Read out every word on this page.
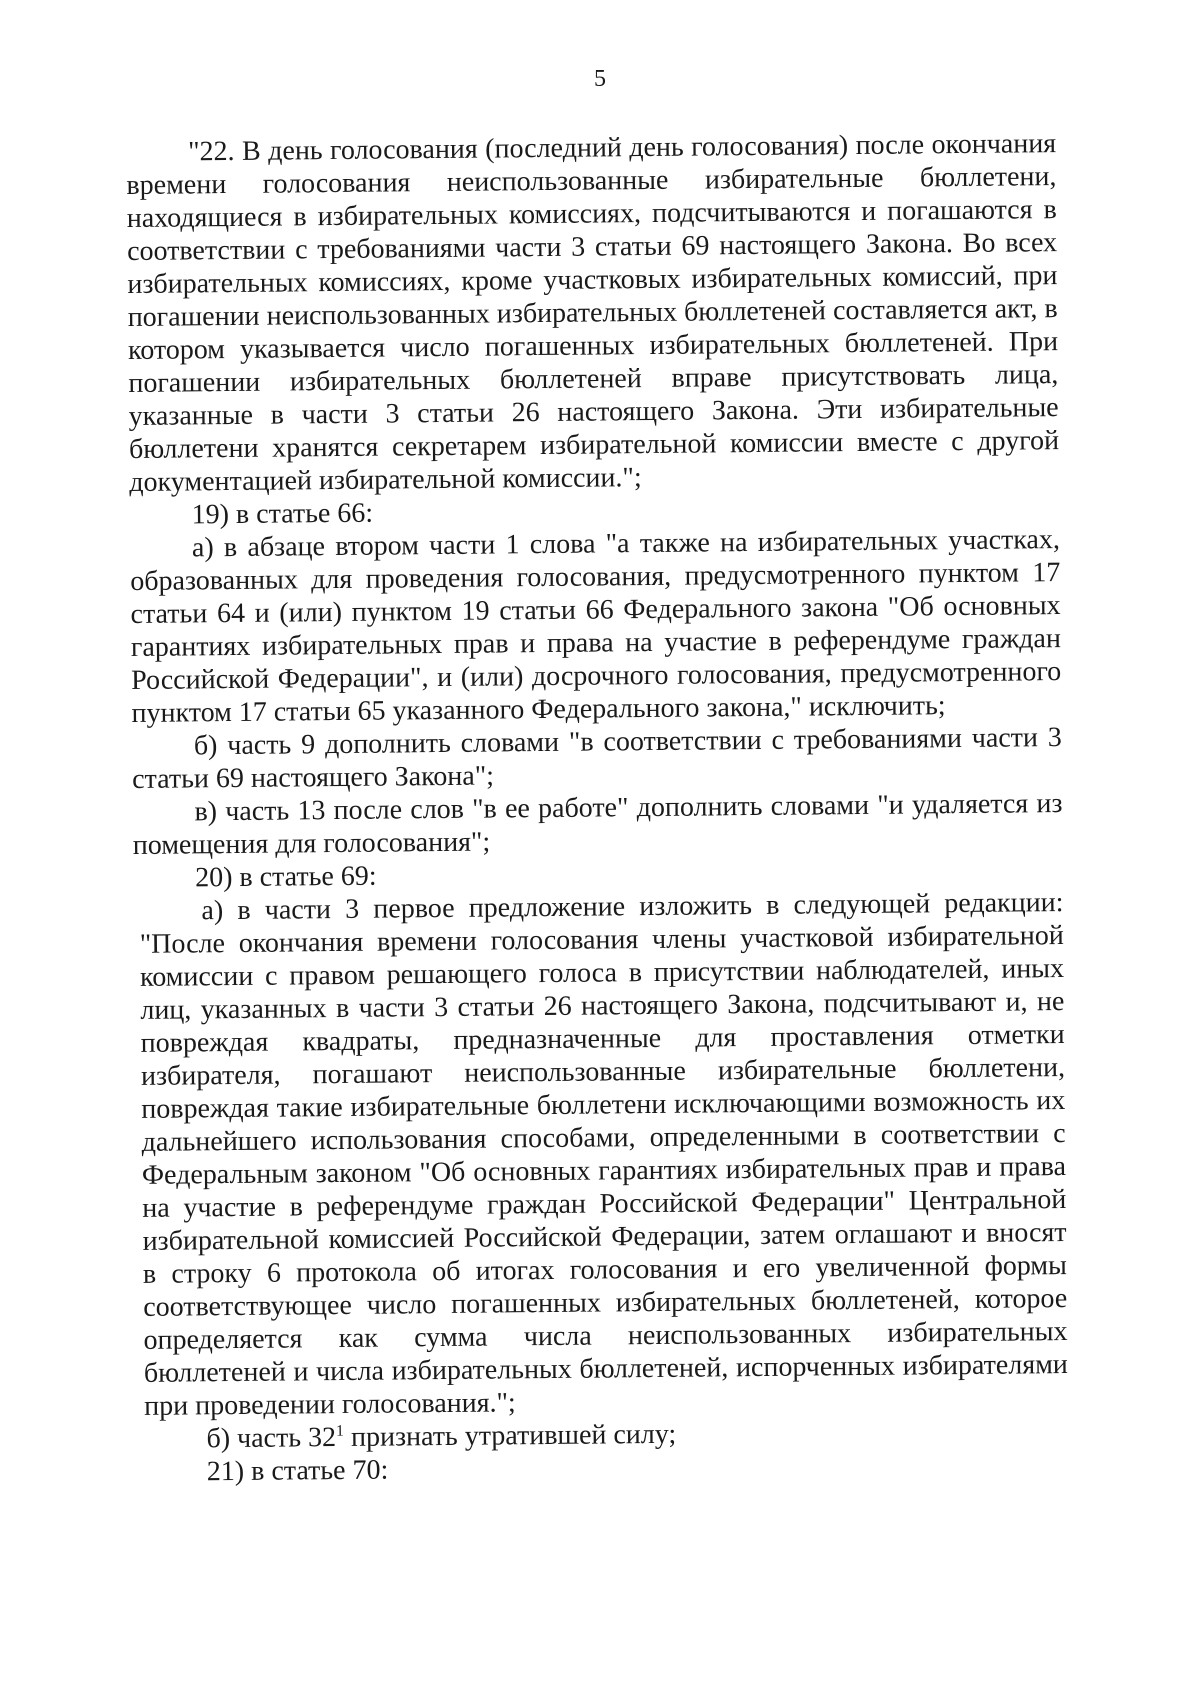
5

"22. В день голосования (последний день голосования) после окончания времени голосования неиспользованные избирательные бюллетени, находящиеся в избирательных комиссиях, подсчитываются и погашаются в соответствии с требованиями части 3 статьи 69 настоящего Закона. Во всех избирательных комиссиях, кроме участковых избирательных комиссий, при погашении неиспользованных избирательных бюллетеней составляется акт, в котором указывается число погашенных избирательных бюллетеней. При погашении избирательных бюллетеней вправе присутствовать лица, указанные в части 3 статьи 26 настоящего Закона. Эти избирательные бюллетени хранятся секретарем избирательной комиссии вместе с другой документацией избирательной комиссии.";

19) в статье 66:

а) в абзаце втором части 1 слова "а также на избирательных участках, образованных для проведения голосования, предусмотренного пунктом 17 статьи 64 и (или) пунктом 19 статьи 66 Федерального закона "Об основных гарантиях избирательных прав и права на участие в референдуме граждан Российской Федерации", и (или) досрочного голосования, предусмотренного пунктом 17 статьи 65 указанного Федерального закона," исключить;

б) часть 9 дополнить словами "в соответствии с требованиями части 3 статьи 69 настоящего Закона";

в) часть 13 после слов "в ее работе" дополнить словами "и удаляется из помещения для голосования";

20) в статье 69:

а) в части 3 первое предложение изложить в следующей редакции: "После окончания времени голосования члены участковой избирательной комиссии с правом решающего голоса в присутствии наблюдателей, иных лиц, указанных в части 3 статьи 26 настоящего Закона, подсчитывают и, не повреждая квадраты, предназначенные для проставления отметки избирателя, погашают неиспользованные избирательные бюллетени, повреждая такие избирательные бюллетени исключающими возможность их дальнейшего использования способами, определенными в соответствии с Федеральным законом "Об основных гарантиях избирательных прав и права на участие в референдуме граждан Российской Федерации" Центральной избирательной комиссией Российской Федерации, затем оглашают и вносят в строку 6 протокола об итогах голосования и его увеличенной формы соответствующее число погашенных избирательных бюллетеней, которое определяется как сумма числа неиспользованных избирательных бюллетеней и числа избирательных бюллетеней, испорченных избирателями при проведении голосования.";

б) часть $32^1$ признать утратившей силу;

21) в статье 70:
